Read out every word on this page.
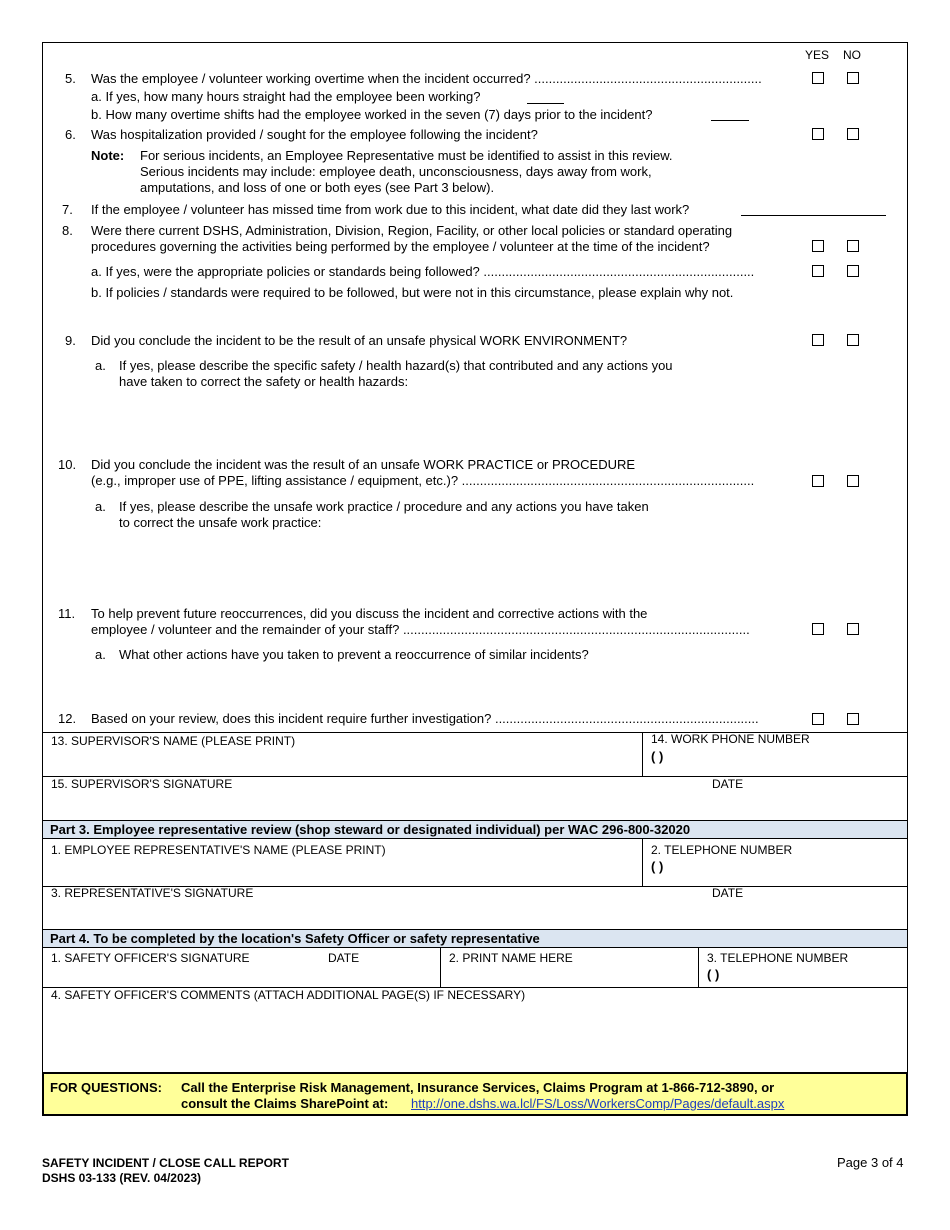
YES NO
5. Was the employee / volunteer working overtime when the incident occurred? ...............................................................
a. If yes, how many hours straight had the employee been working?
b. How many overtime shifts had the employee worked in the seven (7) days prior to the incident?
6. Was hospitalization provided / sought for the employee following the incident?
Note: For serious incidents, an Employee Representative must be identified to assist in this review.
Serious incidents may include: employee death, unconsciousness, days away from work,
amputations, and loss of one or both eyes (see Part 3 below).
7. If the employee / volunteer has missed time from work due to this incident, what date did they last work?
8. Were there current DSHS, Administration, Division, Region, Facility, or other local policies or standard operating
procedures governing the activities being performed by the employee / volunteer at the time of the incident?
a. If yes, were the appropriate policies or standards being followed? ...........................................................................
b. If policies / standards were required to be followed, but were not in this circumstance, please explain why not.
9. Did you conclude the incident to be the result of an unsafe physical WORK ENVIRONMENT?
a. If yes, please describe the specific safety / health hazard(s) that contributed and any actions you
have taken to correct the safety or health hazards:
10. Did you conclude the incident was the result of an unsafe WORK PRACTICE or PROCEDURE
(e.g., improper use of PPE, lifting assistance / equipment, etc.)? .................................................................................
a. If yes, please describe the unsafe work practice / procedure and any actions you have taken
to correct the unsafe work practice:
11. To help prevent future reoccurrences, did you discuss the incident and corrective actions with the
employee / volunteer and the remainder of your staff? ................................................................................................
a. What other actions have you taken to prevent a reoccurrence of similar incidents?
12. Based on your review, does this incident require further investigation? .........................................................................
13. SUPERVISOR'S NAME (PLEASE PRINT)	14. WORK PHONE NUMBER
( )
15. SUPERVISOR'S SIGNATURE	DATE
Part 3. Employee representative review (shop steward or designated individual) per WAC 296-800-32020
1. EMPLOYEE REPRESENTATIVE'S NAME (PLEASE PRINT)	2. TELEPHONE NUMBER
( )
3. REPRESENTATIVE'S SIGNATURE	DATE
Part 4. To be completed by the location's Safety Officer or safety representative
1. SAFETY OFFICER'S SIGNATURE	DATE	2. PRINT NAME HERE	3. TELEPHONE NUMBER
( )
4. SAFETY OFFICER'S COMMENTS (ATTACH ADDITIONAL PAGE(S) IF NECESSARY)
FOR QUESTIONS: Call the Enterprise Risk Management, Insurance Services, Claims Program at 1-866-712-3890, or
consult the Claims SharePoint at: http://one.dshs.wa.lcl/FS/Loss/WorkersComp/Pages/default.aspx
SAFETY INCIDENT / CLOSE CALL REPORT
DSHS 03-133 (REV. 04/2023)
Page 3 of 4
